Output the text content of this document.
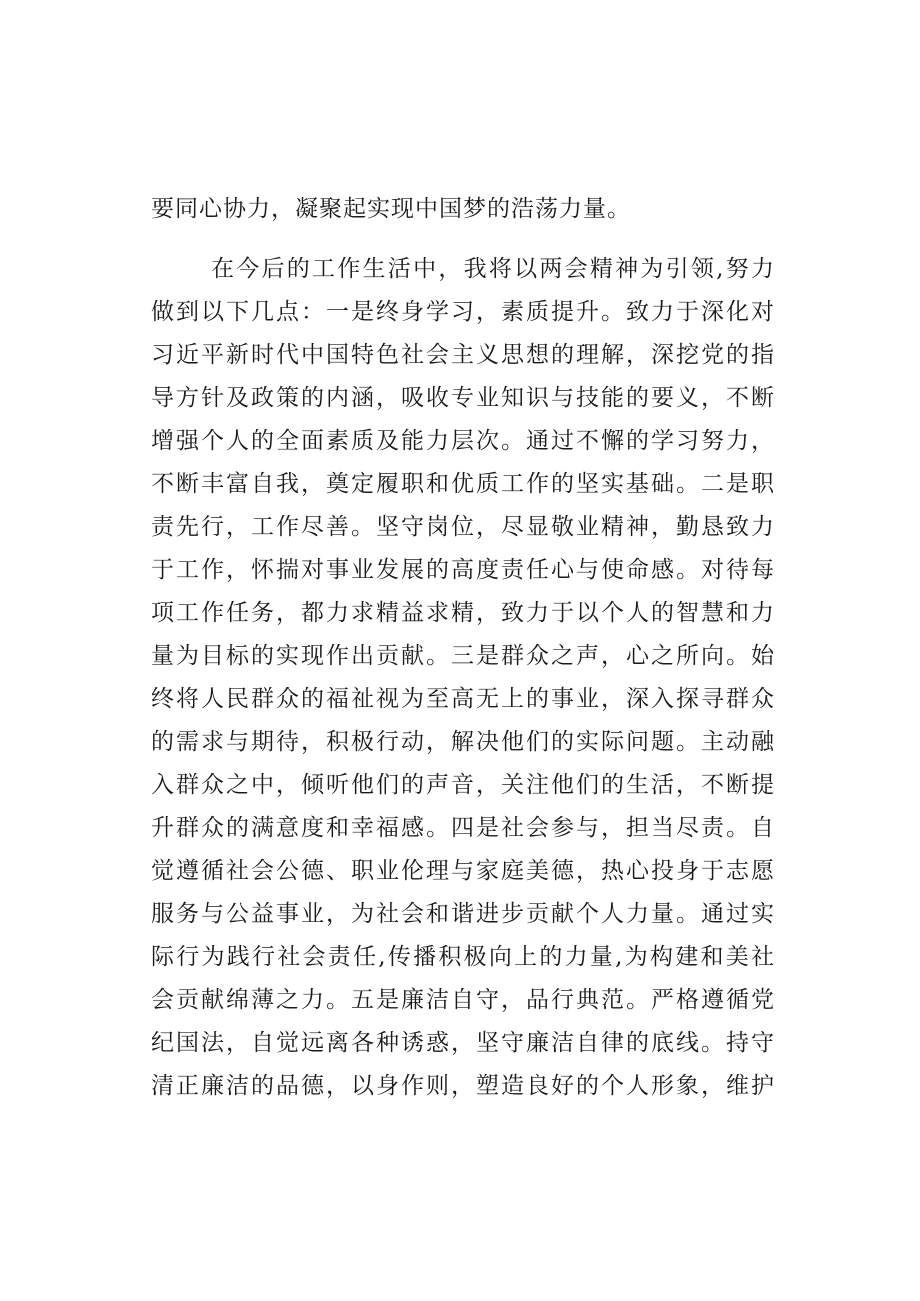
要同心协力，凝聚起实现中国梦的浩荡力量。
在今后的工作生活中，我将以两会精神为引领,努力
做到以下几点：一是终身学习，素质提升。致力于深化对
习近平新时代中国特色社会主义思想的理解，深挖党的指
导方针及政策的内涵，吸收专业知识与技能的要义，不断
增强个人的全面素质及能力层次。通过不懈的学习努力，
不断丰富自我，奠定履职和优质工作的坚实基础。二是职
责先行，工作尽善。坚守岗位，尽显敬业精神，勤恳致力
于工作，怀揣对事业发展的高度责任心与使命感。对待每
项工作任务，都力求精益求精，致力于以个人的智慧和力
量为目标的实现作出贡献。三是群众之声，心之所向。始
终将人民群众的福祉视为至高无上的事业，深入探寻群众
的需求与期待，积极行动，解决他们的实际问题。主动融
入群众之中，倾听他们的声音，关注他们的生活，不断提
升群众的满意度和幸福感。四是社会参与，担当尽责。自
觉遵循社会公德、职业伦理与家庭美德，热心投身于志愿
服务与公益事业，为社会和谐进步贡献个人力量。通过实
际行为践行社会责任,传播积极向上的力量,为构建和美社
会贡献绵薄之力。五是廉洁自守，品行典范。严格遵循党
纪国法，自觉远离各种诱惑，坚守廉洁自律的底线。持守
清正廉洁的品德，以身作则，塑造良好的个人形象，维护
